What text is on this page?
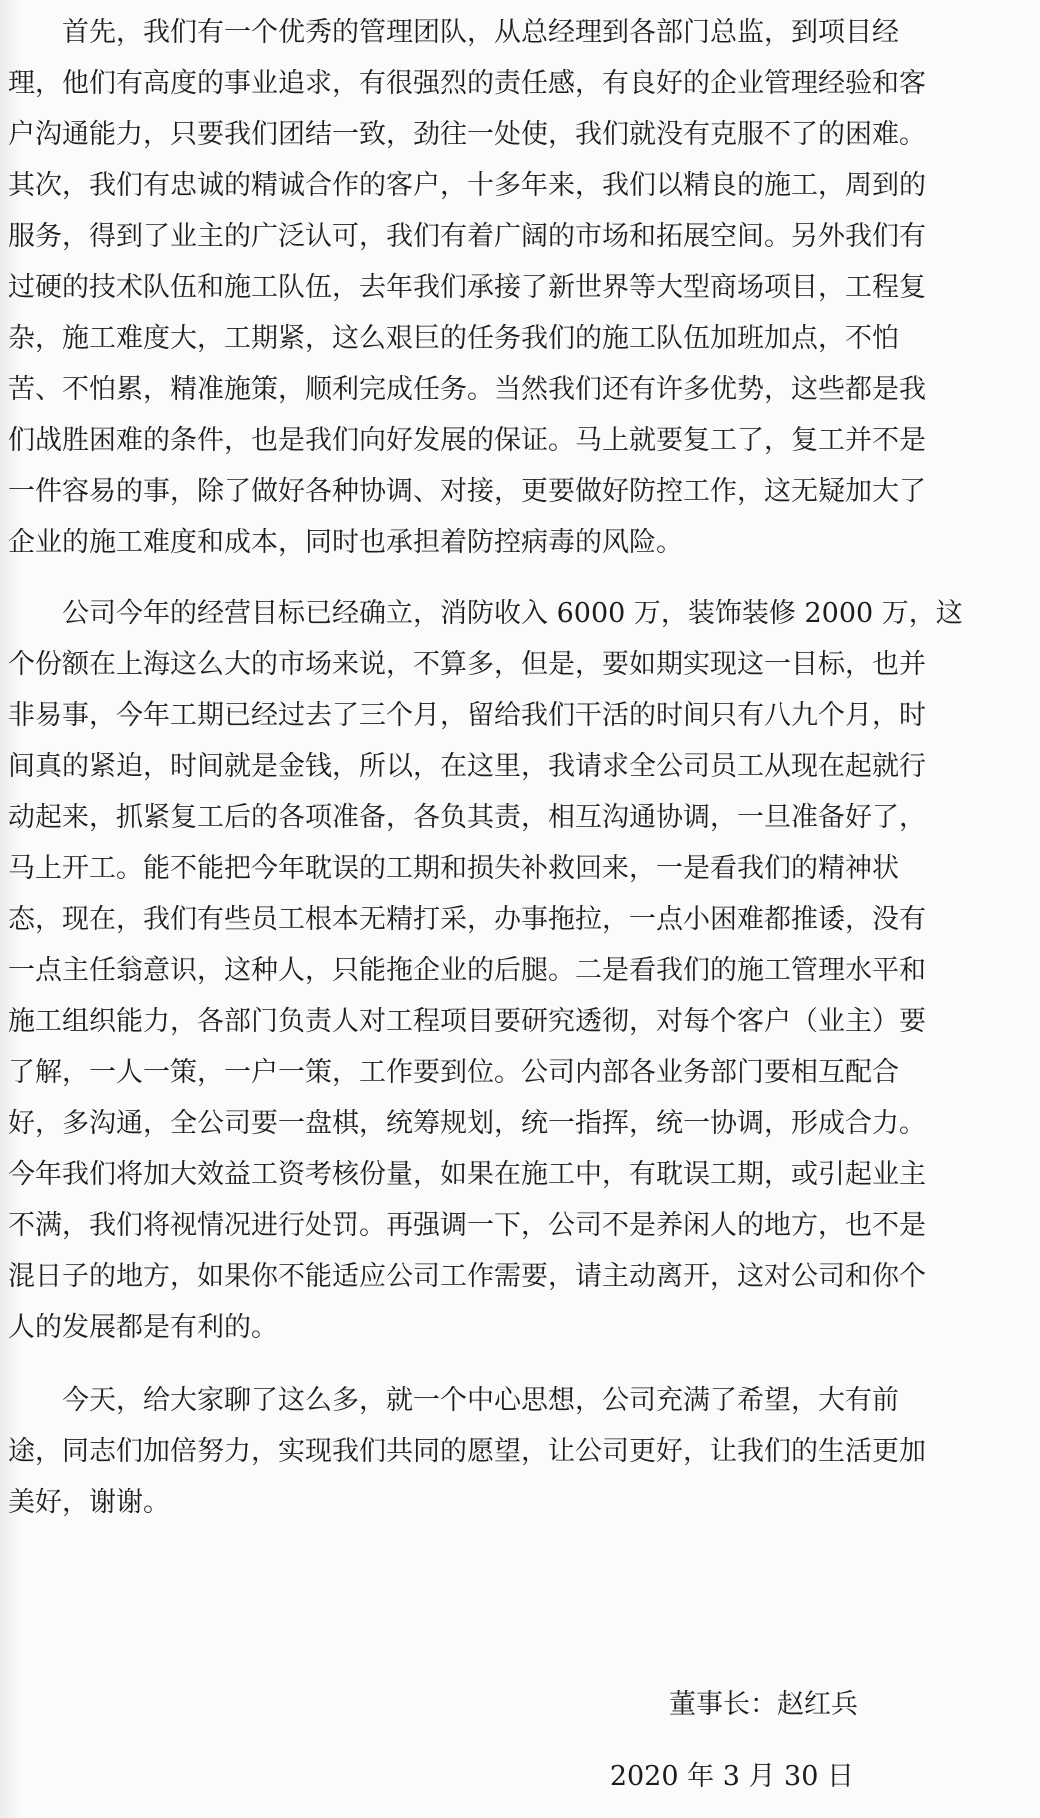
首先，我们有一个优秀的管理团队，从总经理到各部门总监，到项目经
理，他们有高度的事业追求，有很强烈的责任感，有良好的企业管理经验和客
户沟通能力，只要我们团结一致，劲往一处使，我们就没有克服不了的困难。
其次，我们有忠诚的精诚合作的客户，十多年来，我们以精良的施工，周到的
服务，得到了业主的广泛认可，我们有着广阔的市场和拓展空间。另外我们有
过硬的技术队伍和施工队伍，去年我们承接了新世界等大型商场项目，工程复
杂，施工难度大，工期紧，这么艰巨的任务我们的施工队伍加班加点，不怕
苦、不怕累，精准施策，顺利完成任务。当然我们还有许多优势，这些都是我
们战胜困难的条件，也是我们向好发展的保证。马上就要复工了，复工并不是
一件容易的事，除了做好各种协调、对接，更要做好防控工作，这无疑加大了
企业的施工难度和成本，同时也承担着防控病毒的风险。
公司今年的经营目标已经确立，消防收入 6000 万，装饰装修 2000 万，这
个份额在上海这么大的市场来说，不算多，但是，要如期实现这一目标，也并
非易事，今年工期已经过去了三个月，留给我们干活的时间只有八九个月，时
间真的紧迫，时间就是金钱，所以，在这里，我请求全公司员工从现在起就行
动起来，抓紧复工后的各项准备，各负其责，相互沟通协调，一旦准备好了，
马上开工。能不能把今年耽误的工期和损失补救回来，一是看我们的精神状
态，现在，我们有些员工根本无精打采，办事拖拉，一点小困难都推诿，没有
一点主任翁意识，这种人，只能拖企业的后腿。二是看我们的施工管理水平和
施工组织能力，各部门负责人对工程项目要研究透彻，对每个客户（业主）要
了解，一人一策，一户一策，工作要到位。公司内部各业务部门要相互配合
好，多沟通，全公司要一盘棋，统筹规划，统一指挥，统一协调，形成合力。
今年我们将加大效益工资考核份量，如果在施工中，有耽误工期，或引起业主
不满，我们将视情况进行处罚。再强调一下，公司不是养闲人的地方，也不是
混日子的地方，如果你不能适应公司工作需要，请主动离开，这对公司和你个
人的发展都是有利的。
今天，给大家聊了这么多，就一个中心思想，公司充满了希望，大有前
途，同志们加倍努力，实现我们共同的愿望，让公司更好，让我们的生活更加
美好，谢谢。
董事长：赵红兵
2020 年 3 月 30 日
